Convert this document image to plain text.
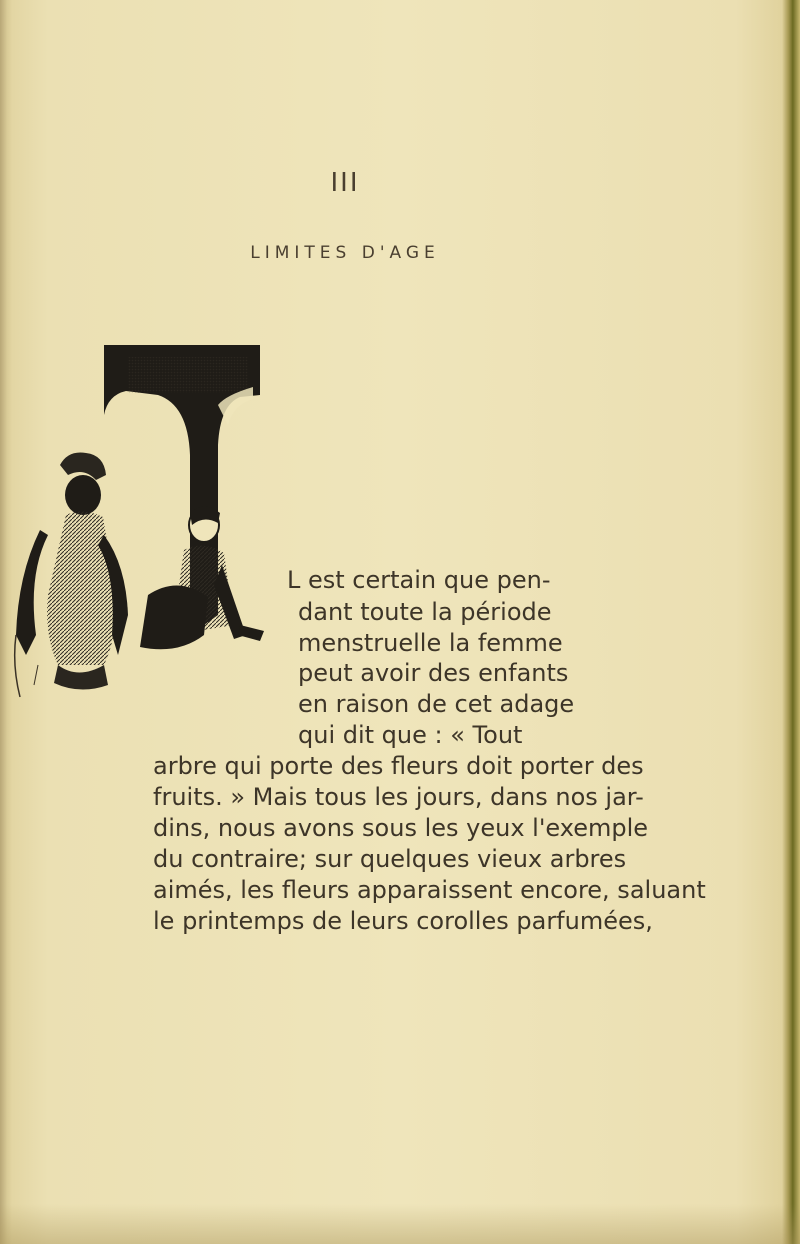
III
LIMITES D'AGE
L est certain que pen-
dant toute la période
menstruelle la femme
peut avoir des enfants
en raison de cet adage
qui dit que : « Tout
arbre qui porte des fleurs doit porter des
fruits. » Mais tous les jours, dans nos jar-
dins, nous avons sous les yeux l'exemple
du contraire; sur quelques vieux arbres
aimés, les fleurs apparaissent encore, saluant
le printemps de leurs corolles parfumées,
